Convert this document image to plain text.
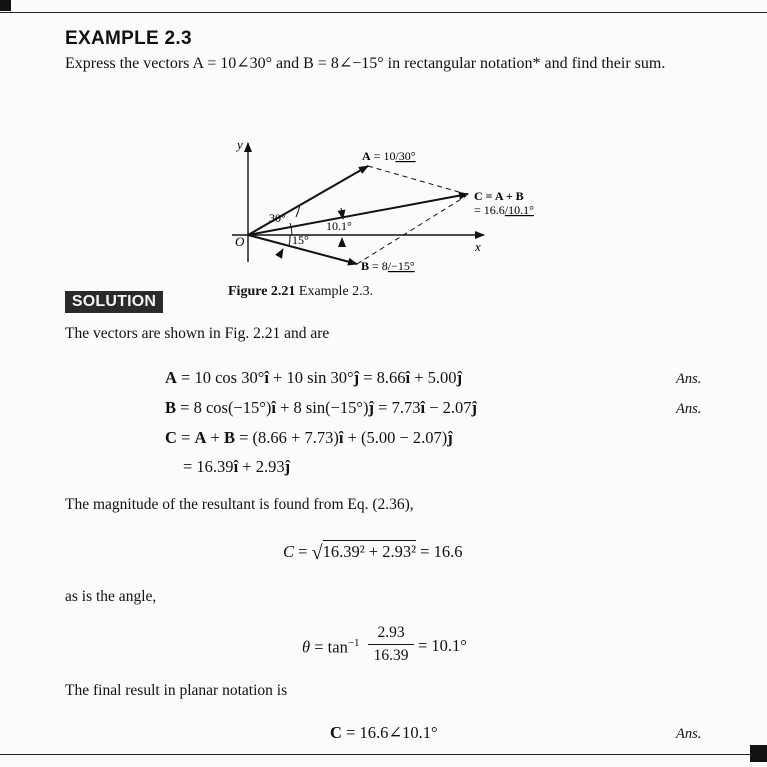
EXAMPLE 2.3
Express the vectors A = 10∠30° and B = 8∠−15° in rectangular notation* and find their sum.
y
x
O
A = 10/30°
C = A + B
= 16.6/10.1°
B = 8/−15°
30°
10.1°
15°
Figure 2.21 Example 2.3.
SOLUTION
The vectors are shown in Fig. 2.21 and are
A = 10 cos 30°î + 10 sin 30°ĵ = 8.66î + 5.00ĵ	Ans.
B = 8 cos(−15°)î + 8 sin(−15°)ĵ = 7.73î − 2.07ĵ	Ans.
C = A + B = (8.66 + 7.73)î + (5.00 − 2.07)ĵ
= 16.39î + 2.93ĵ
The magnitude of the resultant is found from Eq. (2.36),
C = √16.39² + 2.93² = 16.6
as is the angle,
$\theta = \tan^{-1} \frac{2.93}{16.39} = 10.1^\circ$
The final result in planar notation is
C = 16.6∠10.1°	Ans.
